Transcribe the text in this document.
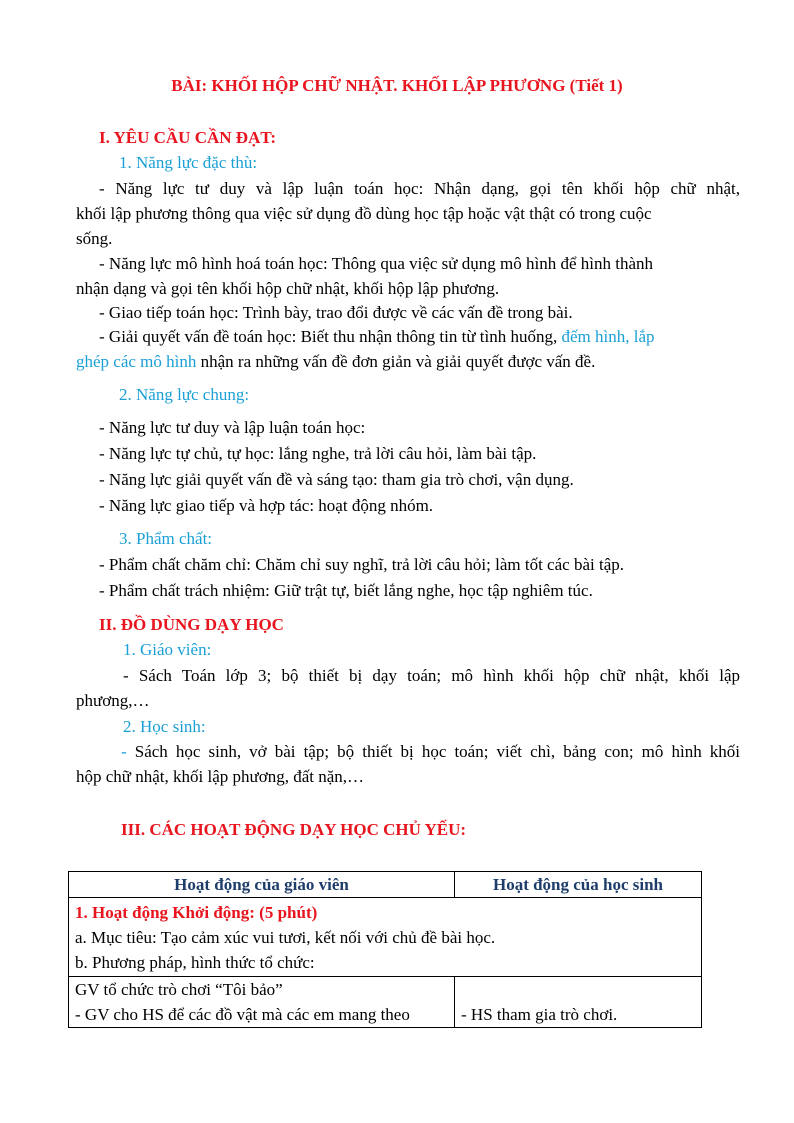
BÀI: KHỐI HỘP CHỮ NHẬT. KHỐI LẬP PHƯƠNG (Tiết 1)
I. YÊU CẦU CẦN ĐẠT:
1. Năng lực đặc thù:
- Năng lực tư duy và lập luận toán học: Nhận dạng, gọi tên khối hộp chữ nhật,
khối lập phương thông qua việc sử dụng đồ dùng học tập hoặc vật thật có trong cuộc
sống.
- Năng lực mô hình hoá toán học: Thông qua việc sử dụng mô hình để hình thành
nhận dạng và gọi tên khối hộp chữ nhật, khối hộp lập phương.
- Giao tiếp toán học: Trình bày, trao đổi được về các vấn đề trong bài.
- Giải quyết vấn đề toán học: Biết thu nhận thông tin từ tình huống, đếm hình, lắp
ghép các mô hình nhận ra những vấn đề đơn giản và giải quyết được vấn đề.
2. Năng lực chung:
- Năng lực tư duy và lập luận toán học:
- Năng lực tự chủ, tự học: lắng nghe, trả lời câu hỏi, làm bài tập.
- Năng lực giải quyết vấn đề và sáng tạo: tham gia trò chơi, vận dụng.
- Năng lực giao tiếp và hợp tác: hoạt động nhóm.
3. Phẩm chất:
- Phẩm chất chăm chỉ: Chăm chỉ suy nghĩ, trả lời câu hỏi; làm tốt các bài tập.
- Phẩm chất trách nhiệm: Giữ trật tự, biết lắng nghe, học tập nghiêm túc.
II. ĐỒ DÙNG DẠY HỌC
1. Giáo viên:
- Sách Toán lớp 3; bộ thiết bị dạy toán; mô hình khối hộp chữ nhật, khối lập
phương,…
2. Học sinh:
- Sách học sinh, vở bài tập; bộ thiết bị học toán; viết chì, bảng con; mô hình khối
hộp chữ nhật, khối lập phương, đất nặn,…
III. CÁC HOẠT ĐỘNG DẠY HỌC CHỦ YẾU:
Hoạt động của giáo viên	Hoạt động của học sinh

1. Hoạt động Khởi động: (5 phút)
a. Mục tiêu: Tạo cảm xúc vui tươi, kết nối với chủ đề bài học.
b. Phương pháp, hình thức tổ chức:	

GV tổ chức trò chơi “Tôi bảo”
- GV cho HS để các đồ vật mà các em mang theo	- HS tham gia trò chơi.
